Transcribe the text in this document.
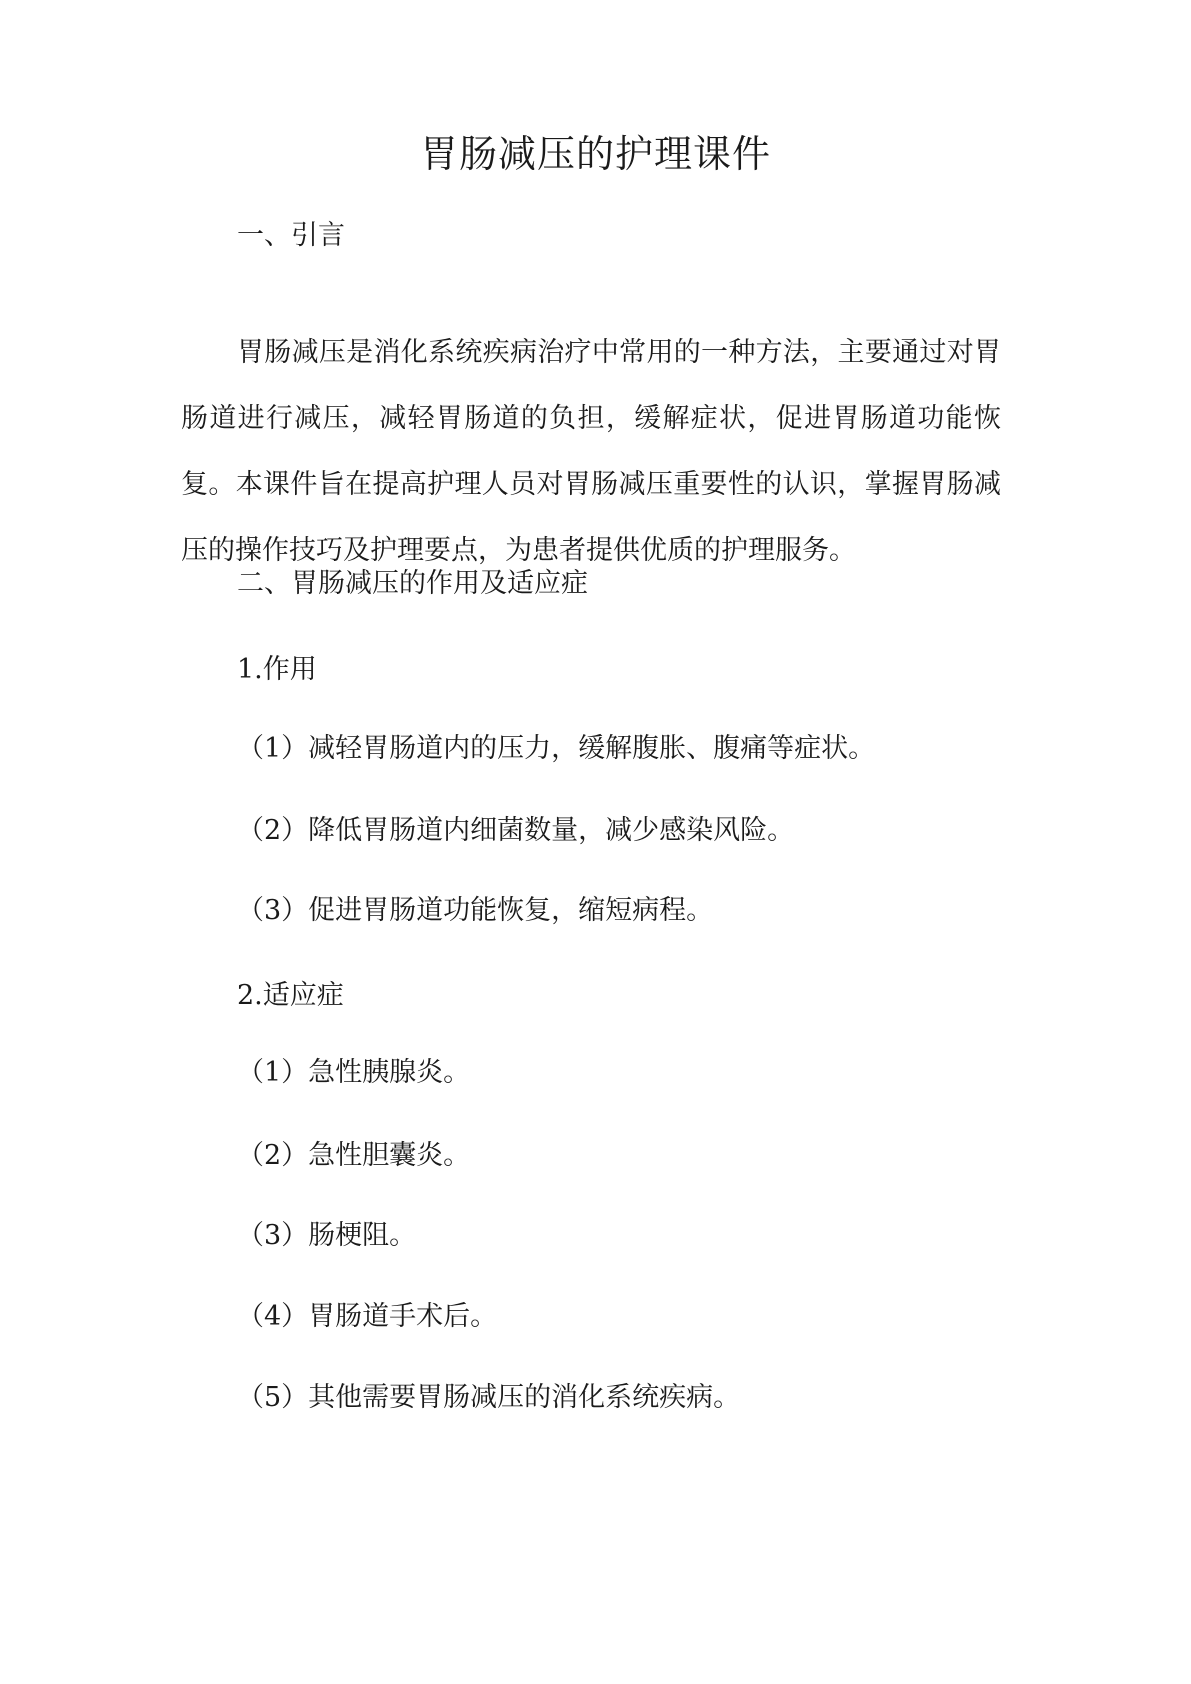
胃肠减压的护理课件

一、引言

胃肠减压是消化系统疾病治疗中常用的一种方法，主要通过对胃肠道进行减压，减轻胃肠道的负担，缓解症状，促进胃肠道功能恢复。本课件旨在提高护理人员对胃肠减压重要性的认识，掌握胃肠减压的操作技巧及护理要点，为患者提供优质的护理服务。

二、胃肠减压的作用及适应症

1.作用

（1）减轻胃肠道内的压力，缓解腹胀、腹痛等症状。

（2）降低胃肠道内细菌数量，减少感染风险。

（3）促进胃肠道功能恢复，缩短病程。

2.适应症

（1）急性胰腺炎。

（2）急性胆囊炎。

（3）肠梗阻。

（4）胃肠道手术后。

（5）其他需要胃肠减压的消化系统疾病。
